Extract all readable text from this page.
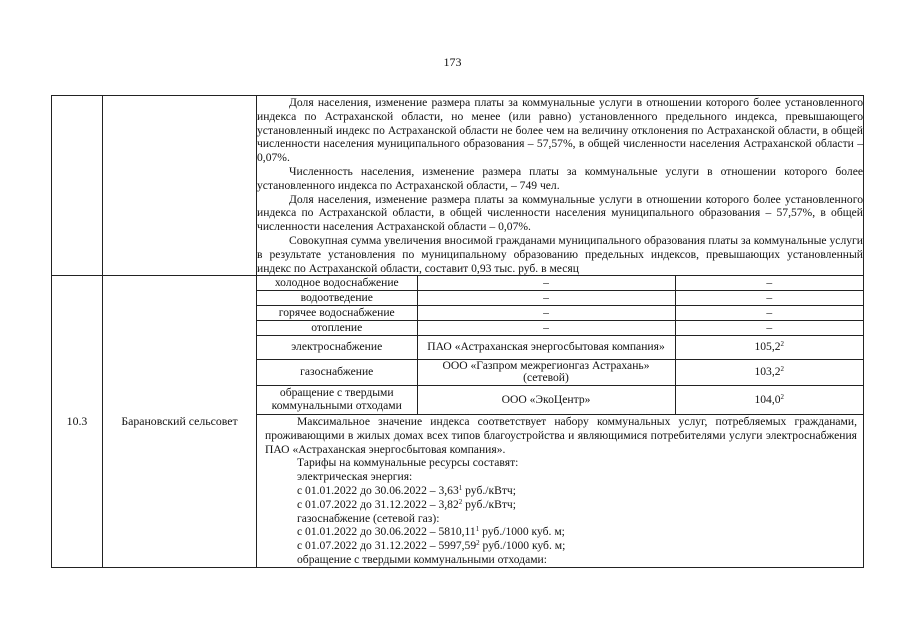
173

Доля населения, изменение размера платы за коммунальные услуги в отношении которого более установленного индекса по Астраханской области, но менее (или равно) установленного предельного индекса, превышающего установленный индекс по Астраханской области не более чем на величину отклонения по Астраханской области, в общей численности населения муниципального образования – 57,57%, в общей численности населения Астраханской области – 0,07%.

Численность населения, изменение размера платы за коммунальные услуги в отношении которого более установленного индекса по Астраханской области, – 749 чел.

Доля населения, изменение размера платы за коммунальные услуги в отношении которого более установленного индекса по Астраханской области, в общей численности населения муниципального образования – 57,57%, в общей численности населения Астраханской области – 0,07%.

Совокупная сумма увеличения вносимой гражданами муниципального образования платы за коммунальные услуги в результате установления по муниципальному образованию предельных индексов, превышающих установленный индекс по Астраханской области, составит 0,93 тыс. руб. в месяц

10.3	Барановский сельсовет	
холодное водоснабжение	–	–
водоотведение	–	–
горячее водоснабжение	–	–
отопление	–	–
электроснабжение	ПАО «Астраханская энергосбытовая компания»	105,2$^2$
газоснабжение	ООО «Газпром межрегионгаз Астрахань» (сетевой)	103,2$^2$
обращение с твердыми коммунальными отходами	ООО «ЭкоЦентр»	104,0$^2$

Максимальное значение индекса соответствует набору коммунальных услуг, потребляемых гражданами, проживающими в жилых домах всех типов благоустройства и являющимися потребителями услуги электроснабжения ПАО «Астраханская энергосбытовая компания».

Тарифы на коммунальные ресурсы составят:

электрическая энергия:

с 01.01.2022 до 30.06.2022 – 3,63$^1$ руб./кВтч;

с 01.07.2022 до 31.12.2022 – 3,82$^2$ руб./кВтч;

газоснабжение (сетевой газ):

с 01.01.2022 до 30.06.2022 – 5810,11$^1$ руб./1000 куб. м;

с 01.07.2022 до 31.12.2022 – 5997,59$^2$ руб./1000 куб. м;

обращение с твердыми коммунальными отходами:
